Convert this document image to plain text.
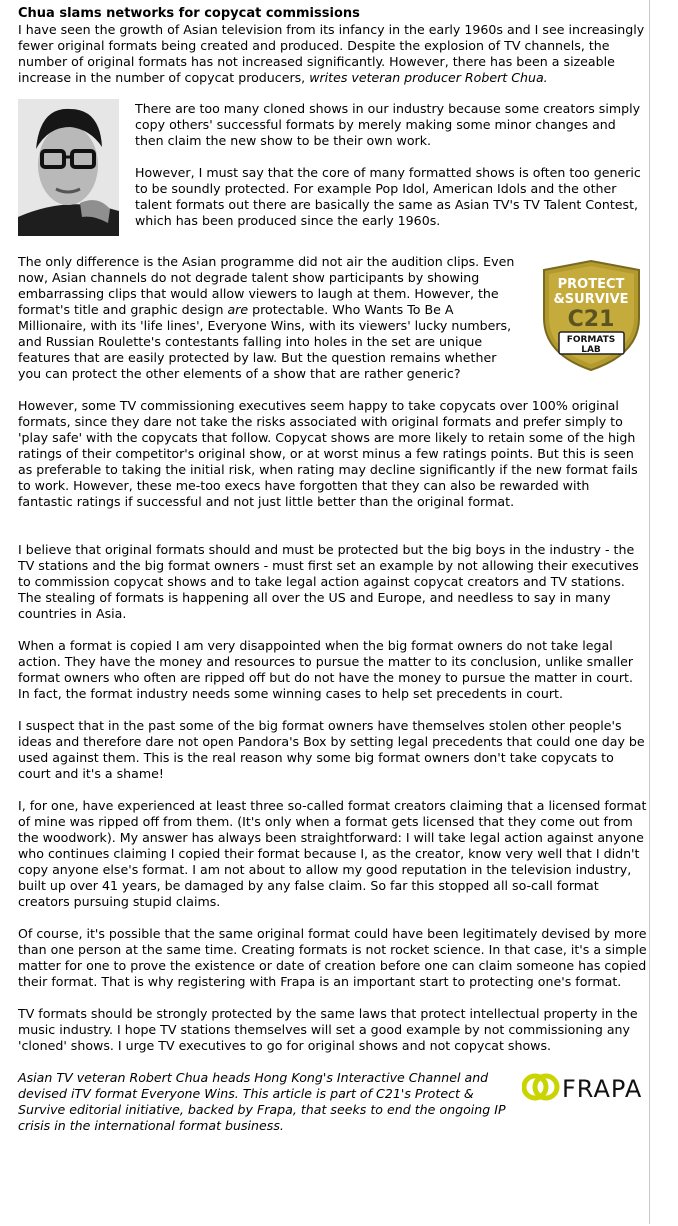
Chua slams networks for copycat commissions

I have seen the growth of Asian television from its infancy in the early 1960s and I see increasingly fewer original formats being created and produced. Despite the explosion of TV channels, the number of original formats has not increased significantly. However, there has been a sizeable increase in the number of copycat producers, writes veteran producer Robert Chua.

There are too many cloned shows in our industry because some creators simply copy others' successful formats by merely making some minor changes and then claim the new show to be their own work.

However, I must say that the core of many formatted shows is often too generic to be soundly protected. For example Pop Idol, American Idols and the other talent formats out there are basically the same as Asian TV's TV Talent Contest, which has been produced since the early 1960s.

PROTECT
&SURVIVE
C21
FORMATS
LAB

The only difference is the Asian programme did not air the audition clips. Even now, Asian channels do not degrade talent show participants by showing embarrassing clips that would allow viewers to laugh at them. However, the format's title and graphic design are protectable. Who Wants To Be A Millionaire, with its 'life lines', Everyone Wins, with its viewers' lucky numbers, and Russian Roulette's contestants falling into holes in the set are unique features that are easily protected by law. But the question remains whether you can protect the other elements of a show that are rather generic?

However, some TV commissioning executives seem happy to take copycats over 100% original formats, since they dare not take the risks associated with original formats and prefer simply to 'play safe' with the copycats that follow. Copycat shows are more likely to retain some of the high ratings of their competitor's original show, or at worst minus a few ratings points. But this is seen as preferable to taking the initial risk, when rating may decline significantly if the new format fails to work. However, these me-too execs have forgotten that they can also be rewarded with fantastic ratings if successful and not just little better than the original format.

I believe that original formats should and must be protected but the big boys in the industry - the TV stations and the big format owners - must first set an example by not allowing their executives to commission copycat shows and to take legal action against copycat creators and TV stations. The stealing of formats is happening all over the US and Europe, and needless to say in many countries in Asia.

When a format is copied I am very disappointed when the big format owners do not take legal action. They have the money and resources to pursue the matter to its conclusion, unlike smaller format owners who often are ripped off but do not have the money to pursue the matter in court. In fact, the format industry needs some winning cases to help set precedents in court.

I suspect that in the past some of the big format owners have themselves stolen other people's ideas and therefore dare not open Pandora's Box by setting legal precedents that could one day be used against them. This is the real reason why some big format owners don't take copycats to court and it's a shame!

I, for one, have experienced at least three so-called format creators claiming that a licensed format of mine was ripped off from them. (It's only when a format gets licensed that they come out from the woodwork). My answer has always been straightforward: I will take legal action against anyone who continues claiming I copied their format because I, as the creator, know very well that I didn't copy anyone else's format. I am not about to allow my good reputation in the television industry, built up over 41 years, be damaged by any false claim. So far this stopped all so-call format creators pursuing stupid claims.

Of course, it's possible that the same original format could have been legitimately devised by more than one person at the same time. Creating formats is not rocket science. In that case, it's a simple matter for one to prove the existence or date of creation before one can claim someone has copied their format. That is why registering with Frapa is an important start to protecting one's format.

TV formats should be strongly protected by the same laws that protect intellectual property in the music industry. I hope TV stations themselves will set a good example by not commissioning any 'cloned' shows. I urge TV executives to go for original shows and not copycat shows.

FRAPA

Asian TV veteran Robert Chua heads Hong Kong's Interactive Channel and devised iTV format Everyone Wins. This article is part of C21's Protect & Survive editorial initiative, backed by Frapa, that seeks to end the ongoing IP crisis in the international format business.
